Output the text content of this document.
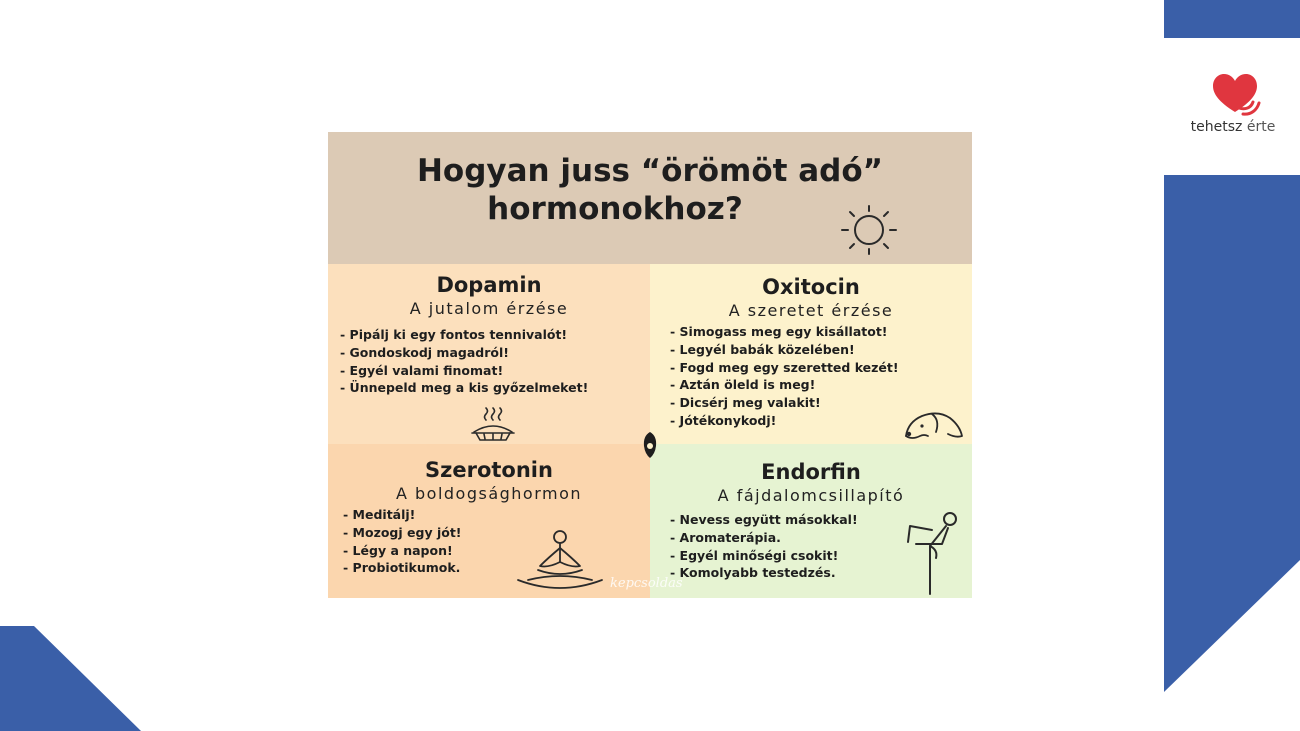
tehetsz érte
Hogyan juss “örömöt adó”
hormonokhoz?
Dopamin
A jutalom érzése
- Pipálj ki egy fontos tennivalót!
- Gondoskodj magadról!
- Egyél valami finomat!
- Ünnepeld meg a kis győzelmeket!
Oxitocin
A szeretet érzése
- Simogass meg egy kisállatot!
- Legyél babák közelében!
- Fogd meg egy szeretted kezét!
- Aztán öleld is meg!
- Dicsérj meg valakit!
- Jótékonykodj!
Szerotonin
A boldogsághormon
- Meditálj!
- Mozogj egy jót!
- Légy a napon!
- Probiotikumok.
Endorfin
A fájdalomcsillapító
- Nevess együtt másokkal!
- Aromaterápia.
- Egyél minőségi csokit!
- Komolyabb testedzés.
kepcsoldas
